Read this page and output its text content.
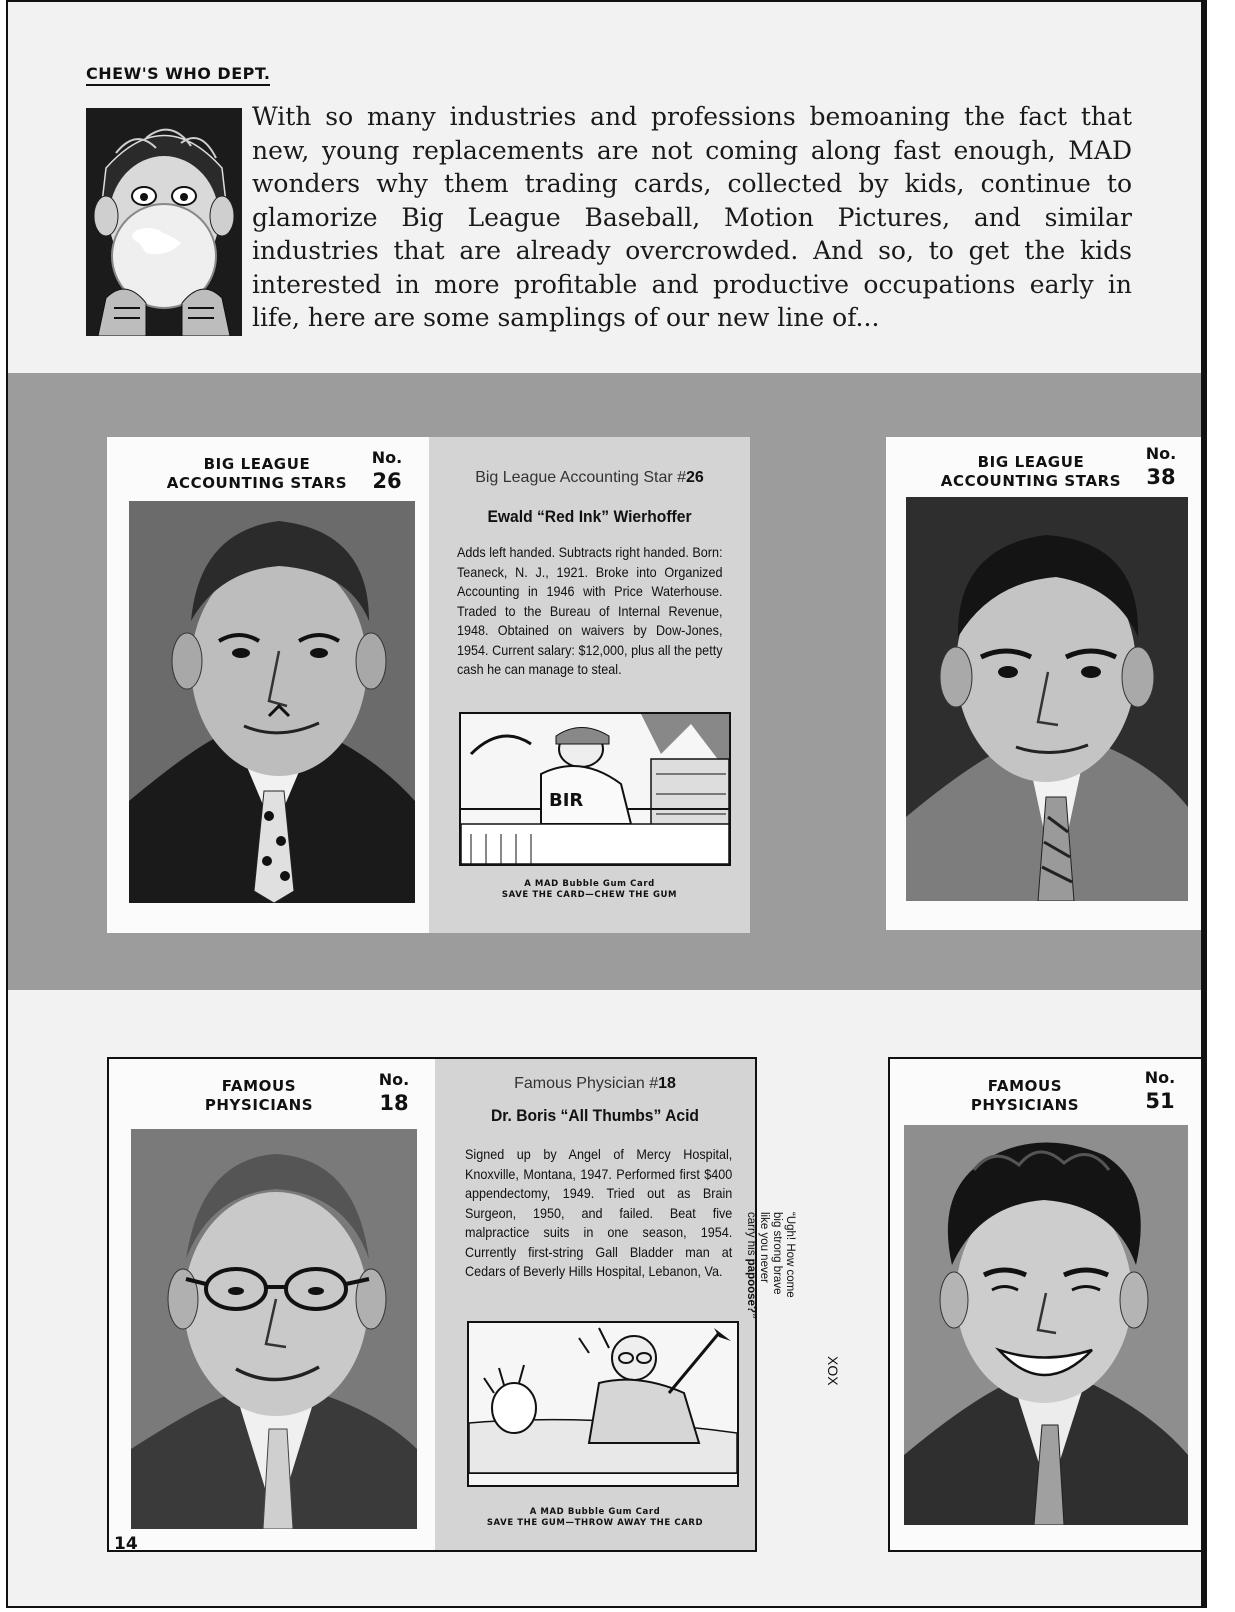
CHEW'S WHO DEPT.

With so many industries and professions bemoaning the fact that new, young replacements are not coming along fast enough, MAD wonders why them trading cards, collected by kids, continue to glamorize Big League Baseball, Motion Pictures, and similar industries that are already overcrowded. And so, to get the kids interested in more profitable and productive occupations early in life, here are some samplings of our new line of...

BIG LEAGUE
ACCOUNTING STARS
No.
26	Big League Accounting Star #26
Ewald “Red Ink” Wierhoffer

Adds left handed. Subtracts right handed. Born: Teaneck, N. J., 1921. Broke into Organized Accounting in 1946 with Price Waterhouse. Traded to the Bureau of Internal Revenue, 1948. Obtained on waivers by Dow-Jones, 1954. Current salary: $12,000, plus all the petty cash he can manage to steal.

BIR
A MAD Bubble Gum Card
SAVE THE CARD—CHEW THE GUM
BIG LEAGUE
ACCOUNTING STARS
No.
38
FAMOUS
PHYSICIANS
No.
18
Famous Physician #18
Dr. Boris “All Thumbs” Acid

Signed up by Angel of Mercy Hospital, Knoxville, Montana, 1947. Performed first $400 appendectomy, 1949. Tried out as Brain Surgeon, 1950, and failed. Beat five malpractice suits in one season, 1954. Currently first-string Gall Bladder man at Cedars of Beverly Hills Hospital, Lebanon, Va.

A MAD Bubble Gum Card
SAVE THE GUM—THROW AWAY THE CARD
“Ugh! How come
big strong brave
like you never
carry his papoose?”
XOX
FAMOUS
PHYSICIANS
No.
51
14
